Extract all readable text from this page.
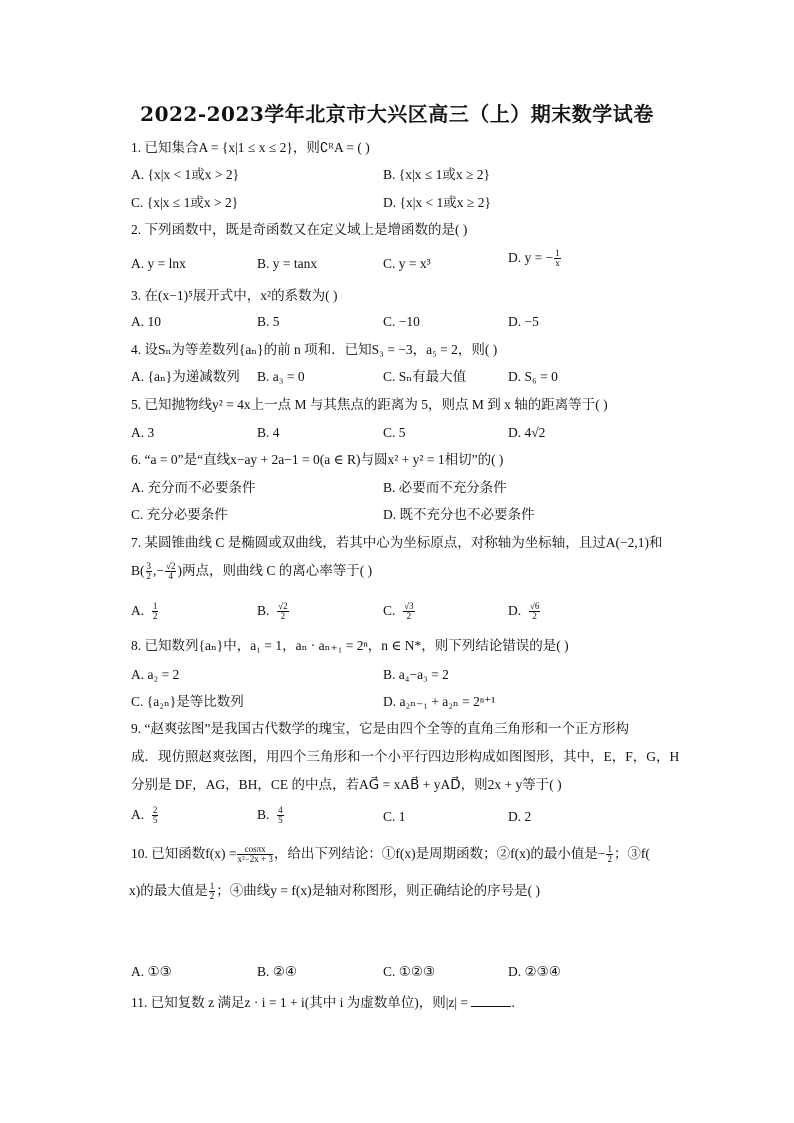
2022-2023学年北京市大兴区高三（上）期末数学试卷
1. 已知集合A = {x|1 ≤ x ≤ 2}，则∁ᴿA = ( )
A. {x|x < 1或x > 2}	B. {x|x ≤ 1或x ≥ 2}
C. {x|x ≤ 1或x > 2}	D. {x|x < 1或x ≥ 2}
2. 下列函数中，既是奇函数又在定义域上是增函数的是( )
A. y = lnx	B. y = tanx	C. y = x³	D. y = − $\frac{1}{x}$
3. 在(x−1)⁵展开式中，x²的系数为( )
A. 10	B. 5	C. −10	D. −5
4. 设Sₙ为等差数列{aₙ}的前 n 项和．已知S₃ = −3，a₅ = 2，则( )
A. {aₙ}为递减数列 B. a₃ = 0	C. Sₙ有最大值	D. S₆ = 0
5. 已知抛物线y² = 4x上一点 M 与其焦点的距离为 5，则点 M 到 x 轴的距离等于( )
A. 3	B. 4	C. 5	D. 4√2
6. “a = 0”是“直线x−ay + 2a−1 = 0(a ∈ R)与圆x² + y² = 1相切”的( )
A. 充分而不必要条件	B. 必要而不充分条件
C. 充分必要条件	D. 既不充分也不必要条件
7. 某圆锥曲线 C 是椭圆或双曲线，若其中心为坐标原点，对称轴为坐标轴，且过A(−2,1)和
$B( \frac{3}{2}$ ,− $\frac{√2}{4}$ )两点，则曲线 C 的离心率等于( )
A. $\frac{1}{2}$	B. $\frac{√2}{2}$	C. $\frac{√3}{2}$	D. $\frac{√6}{2}$
8. 已知数列{aₙ}中，a₁ = 1，aₙ · aₙ₊₁ = 2ⁿ，n ∈ N*，则下列结论错误的是( )
A. a₂ = 2	B. a₄−a₃ = 2
C. {a₂ₙ}是等比数列	D. a₂ₙ₋₁ + a₂ₙ = 2ⁿ⁺¹
9. “赵爽弦图”是我国古代数学的瑰宝，它是由四个全等的直角三角形和一个正方形构
成．现仿照赵爽弦图，用四个三角形和一个小平行四边形构成如图图形，其中，E，F，G，H
分别是 DF，AG，BH，CE 的中点，若AG⃗ = xAB⃗ + yAD⃗，则2x + y等于( )
A. $\frac{2}{5}$	B. $\frac{4}{5}$	C. 1	D. 2
10. 已知函数$f(x) = \frac{\cos\pi x}{\text{x²−2x + 3}}$ ，给出下列结论：①f(x)是周期函数；②f(x)的最小值是− $\frac{1}{2}$ ；③f(
x)的最大值是 $\frac{1}{2}$ ；④曲线y = f(x)是轴对称图形，则正确结论的序号是( )
A. ①③	B. ②④	C. ①②③	D. ②③④
11. 已知复数 z 满足z · i = 1 + i(其中 i 为虚数单位)，则|z| =	.
